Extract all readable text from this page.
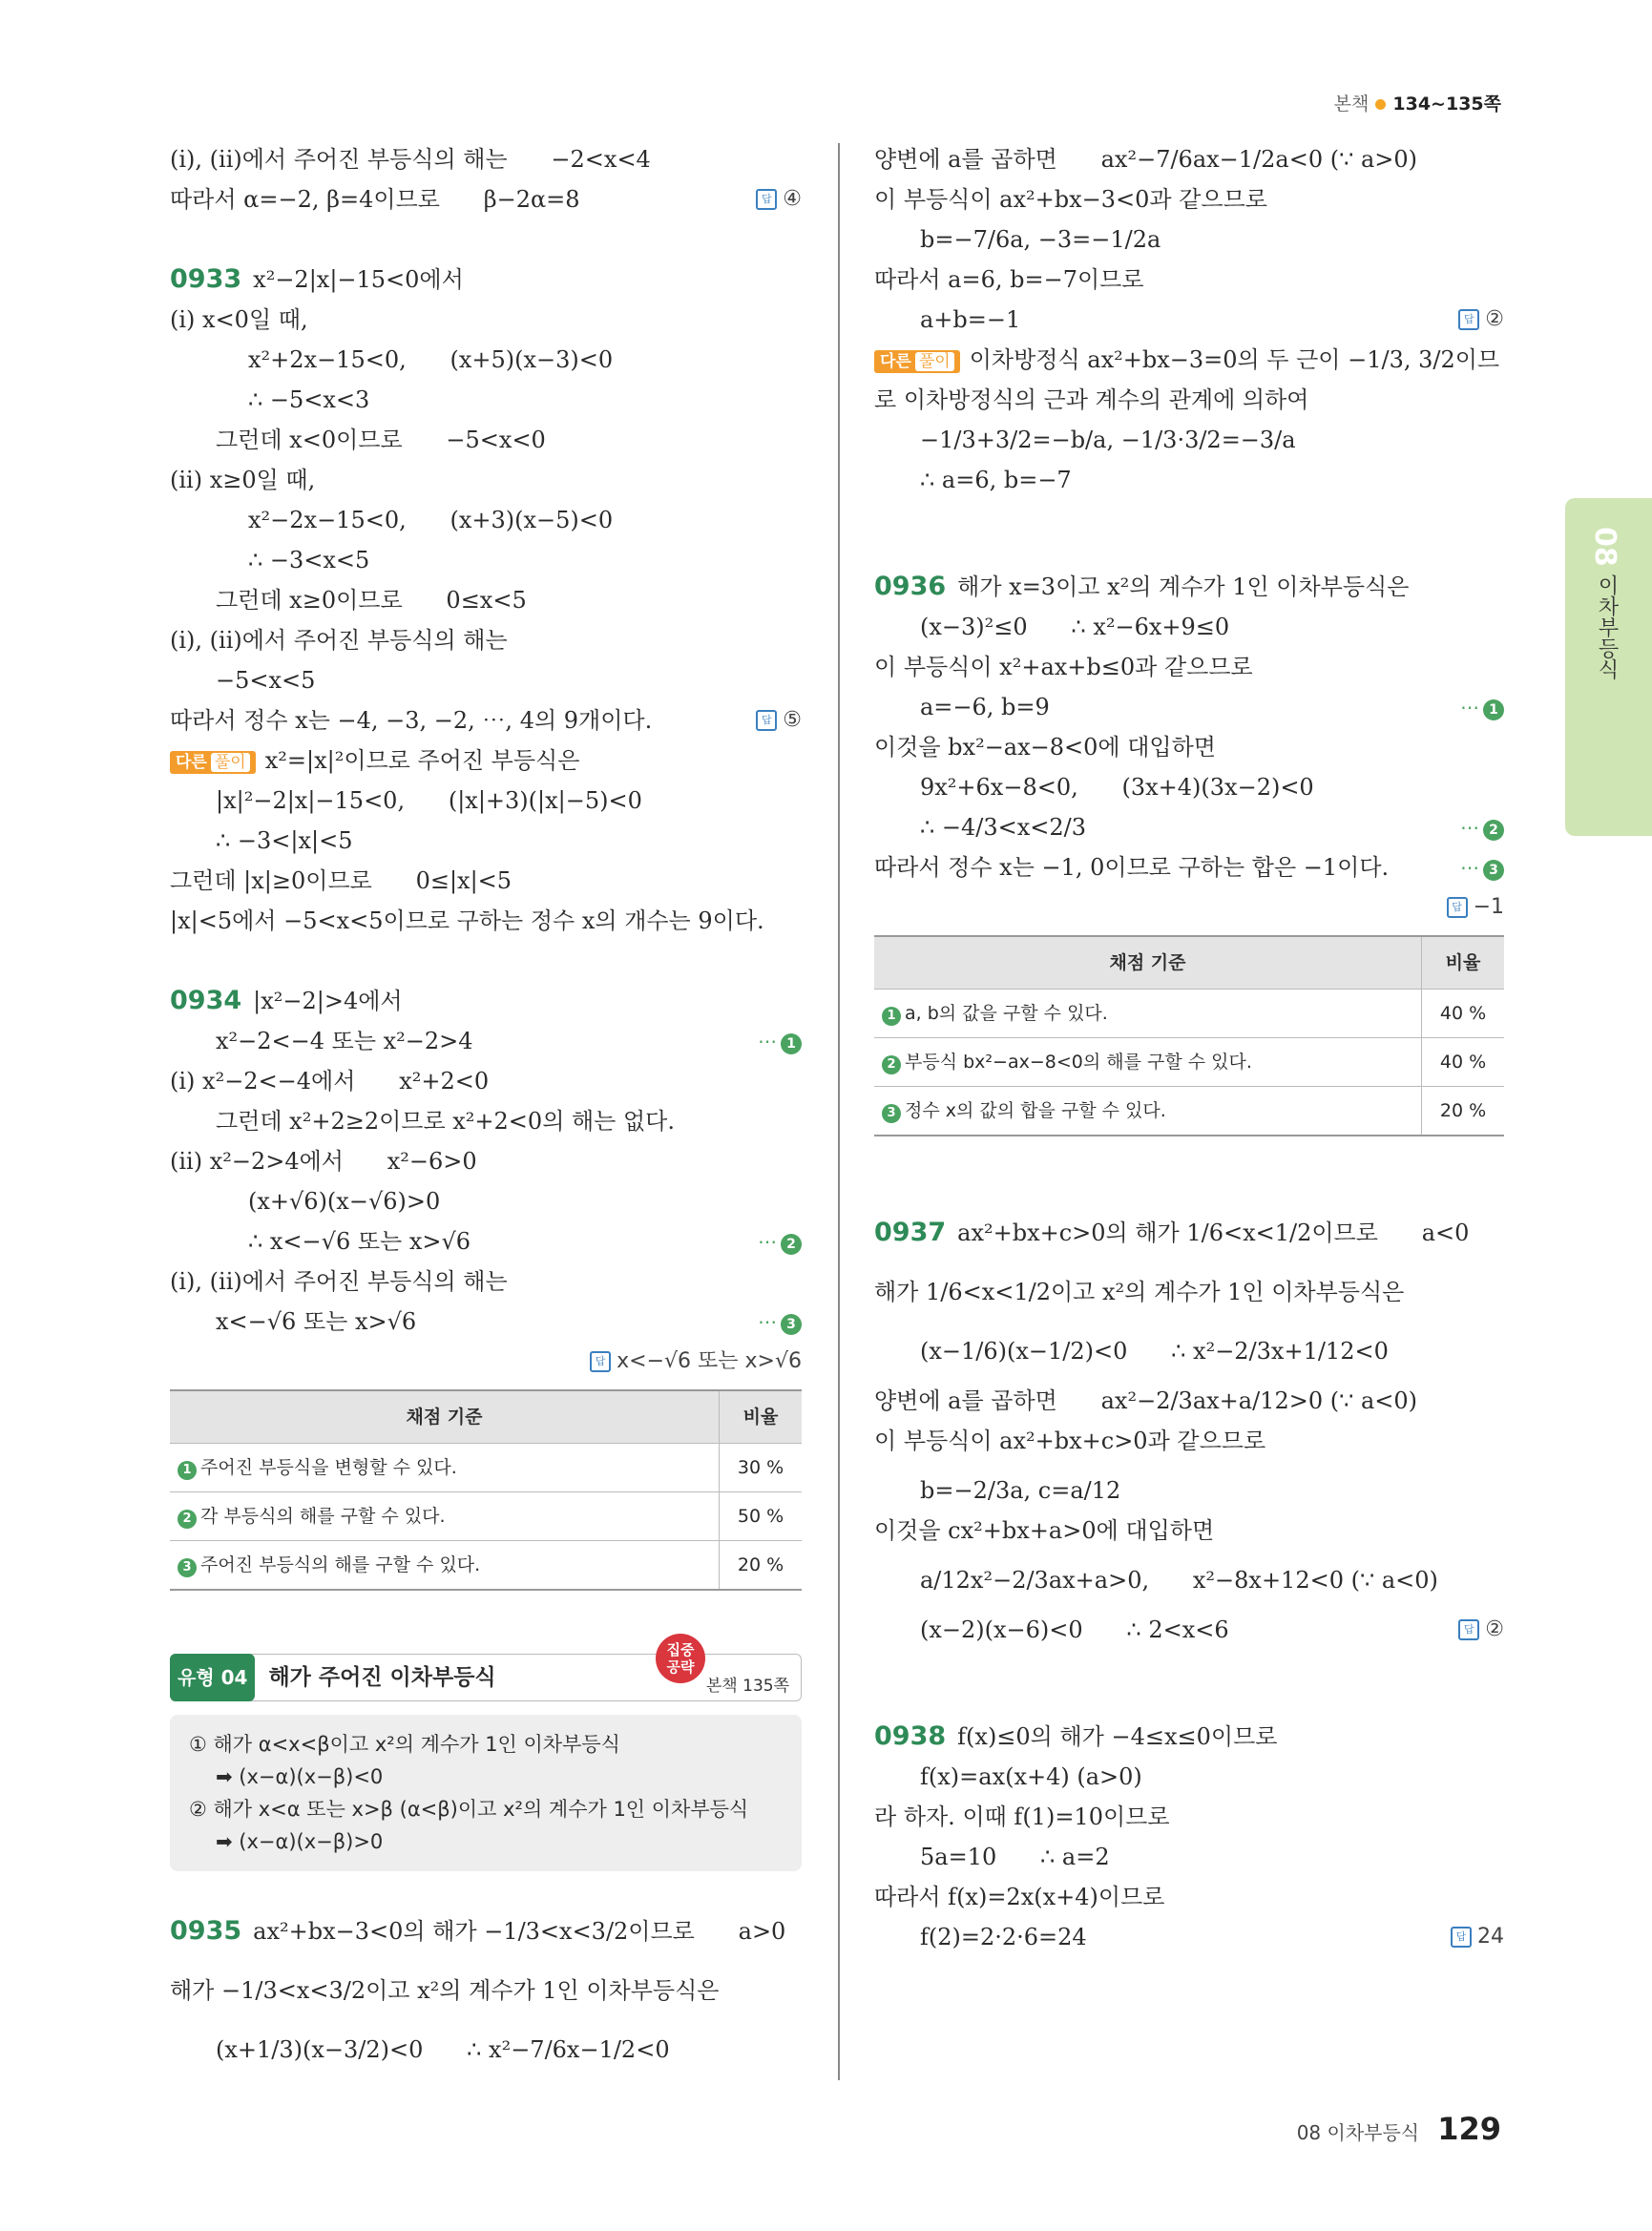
본책 134~135쪽
(i), (ii)에서 주어진 부등식의 해는      −2<x<4
따라서 α=−2, β=4이므로      β−2α=8	답 ④
0933 x²−2|x|−15<0에서
(i) x<0일 때,
x²+2x−15<0,      (x+5)(x−3)<0
∴ −5<x<3
그런데 x<0이므로      −5<x<0
(ii) x≥0일 때,
x²−2x−15<0,      (x+3)(x−5)<0
∴ −3<x<5
그런데 x≥0이므로      0≤x<5
(i), (ii)에서 주어진 부등식의 해는
−5<x<5
따라서 정수 x는 −4, −3, −2, ⋯, 4의 9개이다.	답 ⑤
다른 풀이 x²=|x|²이므로 주어진 부등식은
|x|²−2|x|−15<0,      (|x|+3)(|x|−5)<0
∴ −3<|x|<5
그런데 |x|≥0이므로      0≤|x|<5
|x|<5에서 −5<x<5이므로 구하는 정수 x의 개수는 9이다.
0934 |x²−2|>4에서
x²−2<−4 또는 x²−2>4	⋯ 1
(i) x²−2<−4에서      x²+2<0
그런데 x²+2≥2이므로 x²+2<0의 해는 없다.
(ii) x²−2>4에서      x²−6>0
(x+√6)(x−√6)>0
∴ x<−√6 또는 x>√6	⋯ 2
(i), (ii)에서 주어진 부등식의 해는
x<−√6 또는 x>√6	⋯ 3
답 x<−√6 또는 x>√6
채점 기준	비율
1 주어진 부등식을 변형할 수 있다.	30 %
2 각 부등식의 해를 구할 수 있다.	50 %
3 주어진 부등식의 해를 구할 수 있다.	20 %
유형 04 해가 주어진 이차부등식
집중
공략
본책 135쪽
① 해가 α<x<β이고 x²의 계수가 1인 이차부등식
➡ (x−α)(x−β)<0
② 해가 x<α 또는 x>β (α<β)이고 x²의 계수가 1인 이차부등식
➡ (x−α)(x−β)>0
0935 ax²+bx−3<0의 해가 −1/3<x<3/2이므로      a>0
해가 −1/3<x<3/2이고 x²의 계수가 1인 이차부등식은
(x+1/3)(x−3/2)<0      ∴ x²−7/6x−1/2<0
양변에 a를 곱하면      ax²−7/6ax−1/2a<0 (∵ a>0)
이 부등식이 ax²+bx−3<0과 같으므로
b=−7/6a, −3=−1/2a
따라서 a=6, b=−7이므로
a+b=−1	답 ②
다른 풀이 이차방정식 ax²+bx−3=0의 두 근이 −1/3, 3/2이므
로 이차방정식의 근과 계수의 관계에 의하여
−1/3+3/2=−b/a, −1/3·3/2=−3/a
∴ a=6, b=−7
0936 해가 x=3이고 x²의 계수가 1인 이차부등식은
(x−3)²≤0      ∴ x²−6x+9≤0
이 부등식이 x²+ax+b≤0과 같으므로
a=−6, b=9	⋯ 1
이것을 bx²−ax−8<0에 대입하면
9x²+6x−8<0,      (3x+4)(3x−2)<0
∴ −4/3<x<2/3	⋯ 2
따라서 정수 x는 −1, 0이므로 구하는 합은 −1이다.	⋯ 3
답 −1
채점 기준	비율
1 a, b의 값을 구할 수 있다.	40 %
2 부등식 bx²−ax−8<0의 해를 구할 수 있다.	40 %
3 정수 x의 값의 합을 구할 수 있다.	20 %
0937 ax²+bx+c>0의 해가 1/6<x<1/2이므로      a<0
해가 1/6<x<1/2이고 x²의 계수가 1인 이차부등식은
(x−1/6)(x−1/2)<0      ∴ x²−2/3x+1/12<0
양변에 a를 곱하면      ax²−2/3ax+a/12>0 (∵ a<0)
이 부등식이 ax²+bx+c>0과 같으므로
b=−2/3a, c=a/12
이것을 cx²+bx+a>0에 대입하면
a/12x²−2/3ax+a>0,      x²−8x+12<0 (∵ a<0)
(x−2)(x−6)<0      ∴ 2<x<6	답 ②
0938 f(x)≤0의 해가 −4≤x≤0이므로
f(x)=ax(x+4) (a>0)
라 하자. 이때 f(1)=10이므로
5a=10      ∴ a=2
따라서 f(x)=2x(x+4)이므로
f(2)=2·2·6=24	답 24
08
이차부등식
08 이차부등식 129
